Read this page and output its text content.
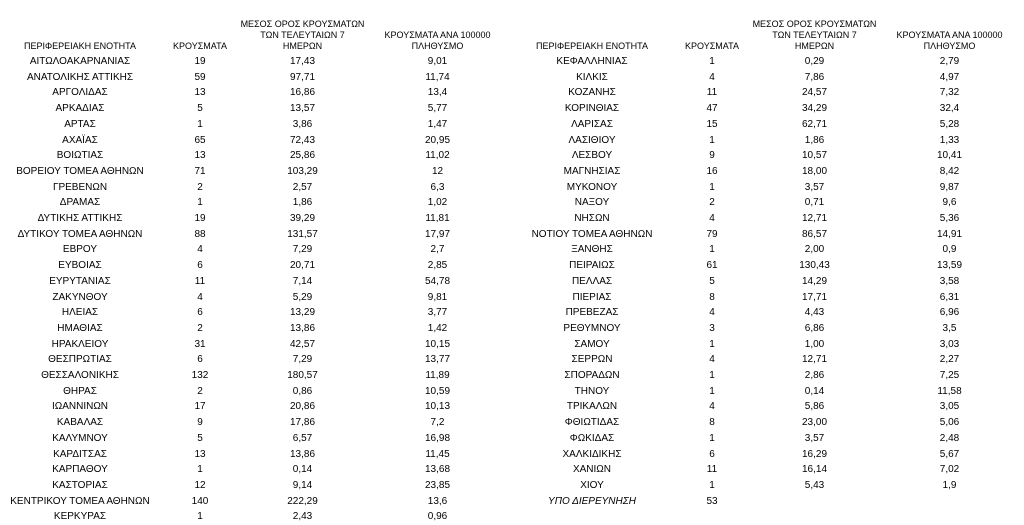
ΠΕΡΙΦΕΡΕΙΑΚΗ ΕΝΟΤΗΤΑ	ΚΡΟΥΣΜΑΤΑ
ΜΕΣΟΣ ΟΡΟΣ ΚΡΟΥΣΜΑΤΩΝ
ΤΩΝ ΤΕΛΕΥΤΑΙΩΝ 7
ΗΜΕΡΩΝ
ΚΡΟΥΣΜΑΤΑ ΑΝΑ 100000
ΠΛΗΘΥΣΜΟ
ΑΙΤΩΛΟΑΚΑΡΝΑΝΙΑΣ	19	17,43	9,01
ΑΝΑΤΟΛΙΚΗΣ ΑΤΤΙΚΗΣ	59	97,71	11,74
ΑΡΓΟΛΙΔΑΣ	13	16,86	13,4
ΑΡΚΑΔΙΑΣ	5	13,57	5,77
ΑΡΤΑΣ	1	3,86	1,47
ΑΧΑΪΑΣ	65	72,43	20,95
ΒΟΙΩΤΙΑΣ	13	25,86	11,02
ΒΟΡΕΙΟΥ ΤΟΜΕΑ ΑΘΗΝΩΝ	71	103,29	12
ΓΡΕΒΕΝΩΝ	2	2,57	6,3
ΔΡΑΜΑΣ	1	1,86	1,02
ΔΥΤΙΚΗΣ ΑΤΤΙΚΗΣ	19	39,29	11,81
ΔΥΤΙΚΟΥ ΤΟΜΕΑ ΑΘΗΝΩΝ	88	131,57	17,97
ΕΒΡΟΥ	4	7,29	2,7
ΕΥΒΟΙΑΣ	6	20,71	2,85
ΕΥΡΥΤΑΝΙΑΣ	11	7,14	54,78
ΖΑΚΥΝΘΟΥ	4	5,29	9,81
ΗΛΕΙΑΣ	6	13,29	3,77
ΗΜΑΘΙΑΣ	2	13,86	1,42
ΗΡΑΚΛΕΙΟΥ	31	42,57	10,15
ΘΕΣΠΡΩΤΙΑΣ	6	7,29	13,77
ΘΕΣΣΑΛΟΝΙΚΗΣ	132	180,57	11,89
ΘΗΡΑΣ	2	0,86	10,59
ΙΩΑΝΝΙΝΩΝ	17	20,86	10,13
ΚΑΒΑΛΑΣ	9	17,86	7,2
ΚΑΛΥΜΝΟΥ	5	6,57	16,98
ΚΑΡΔΙΤΣΑΣ	13	13,86	11,45
ΚΑΡΠΑΘΟΥ	1	0,14	13,68
ΚΑΣΤΟΡΙΑΣ	12	9,14	23,85
ΚΕΝΤΡΙΚΟΥ ΤΟΜΕΑ ΑΘΗΝΩΝ	140	222,29	13,6
ΚΕΡΚΥΡΑΣ	1	2,43	0,96
ΠΕΡΙΦΕΡΕΙΑΚΗ ΕΝΟΤΗΤΑ	ΚΡΟΥΣΜΑΤΑ
ΜΕΣΟΣ ΟΡΟΣ ΚΡΟΥΣΜΑΤΩΝ
ΤΩΝ ΤΕΛΕΥΤΑΙΩΝ 7
ΗΜΕΡΩΝ
ΚΡΟΥΣΜΑΤΑ ΑΝΑ 100000
ΠΛΗΘΥΣΜΟ
ΚΕΦΑΛΛΗΝΙΑΣ	1	0,29	2,79
ΚΙΛΚΙΣ	4	7,86	4,97
ΚΟΖΑΝΗΣ	11	24,57	7,32
ΚΟΡΙΝΘΙΑΣ	47	34,29	32,4
ΛΑΡΙΣΑΣ	15	62,71	5,28
ΛΑΣΙΘΙΟΥ	1	1,86	1,33
ΛΕΣΒΟΥ	9	10,57	10,41
ΜΑΓΝΗΣΙΑΣ	16	18,00	8,42
ΜΥΚΟΝΟΥ	1	3,57	9,87
ΝΑΞΟΥ	2	0,71	9,6
ΝΗΣΩΝ	4	12,71	5,36
ΝΟΤΙΟΥ ΤΟΜΕΑ ΑΘΗΝΩΝ	79	86,57	14,91
ΞΑΝΘΗΣ	1	2,00	0,9
ΠΕΙΡΑΙΩΣ	61	130,43	13,59
ΠΕΛΛΑΣ	5	14,29	3,58
ΠΙΕΡΙΑΣ	8	17,71	6,31
ΠΡΕΒΕΖΑΣ	4	4,43	6,96
ΡΕΘΥΜΝΟΥ	3	6,86	3,5
ΣΑΜΟΥ	1	1,00	3,03
ΣΕΡΡΩΝ	4	12,71	2,27
ΣΠΟΡΑΔΩΝ	1	2,86	7,25
ΤΗΝΟΥ	1	0,14	11,58
ΤΡΙΚΑΛΩΝ	4	5,86	3,05
ΦΘΙΩΤΙΔΑΣ	8	23,00	5,06
ΦΩΚΙΔΑΣ	1	3,57	2,48
ΧΑΛΚΙΔΙΚΗΣ	6	16,29	5,67
ΧΑΝΙΩΝ	11	16,14	7,02
ΧΙΟΥ	1	5,43	1,9
ΥΠΟ ΔΙΕΡΕΥΝΗΣΗ	53
